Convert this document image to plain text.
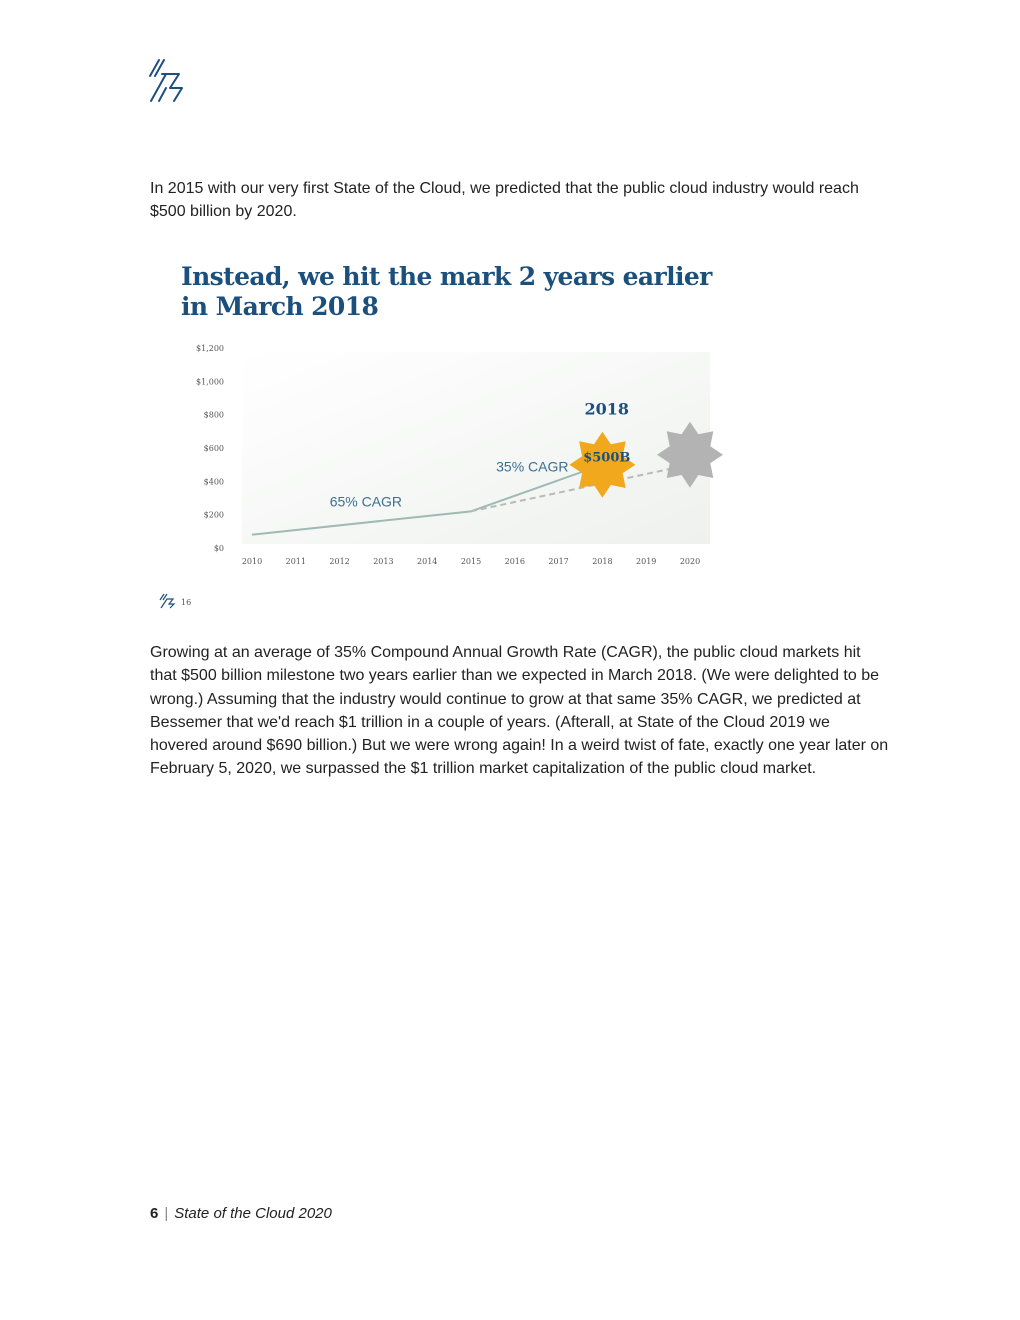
In 2015 with our very first State of the Cloud, we predicted that the public cloud industry would reach $500 billion by 2020.

Instead, we hit the mark 2 years earlier in March 2018
$0
$200
$400
$600
$800
$1,000
$1,200
2010	2011	2012	2013	2014	2015	2016	2017	2018	2019	2020
65% CAGR
35% CAGR
2018
$500B
16

Growing at an average of 35% Compound Annual Growth Rate (CAGR), the public cloud markets hit that $500 billion milestone two years earlier than we expected in March 2018. (We were delighted to be wrong.) Assuming that the industry would continue to grow at that same 35% CAGR, we predicted at Bessemer that we'd reach $1 trillion in a couple of years. (Afterall, at State of the Cloud 2019 we hovered around $690 billion.) But we were wrong again! In a weird twist of fate, exactly one year later on February 5, 2020, we surpassed the $1 trillion market capitalization of the public cloud market.

6 | State of the Cloud 2020
